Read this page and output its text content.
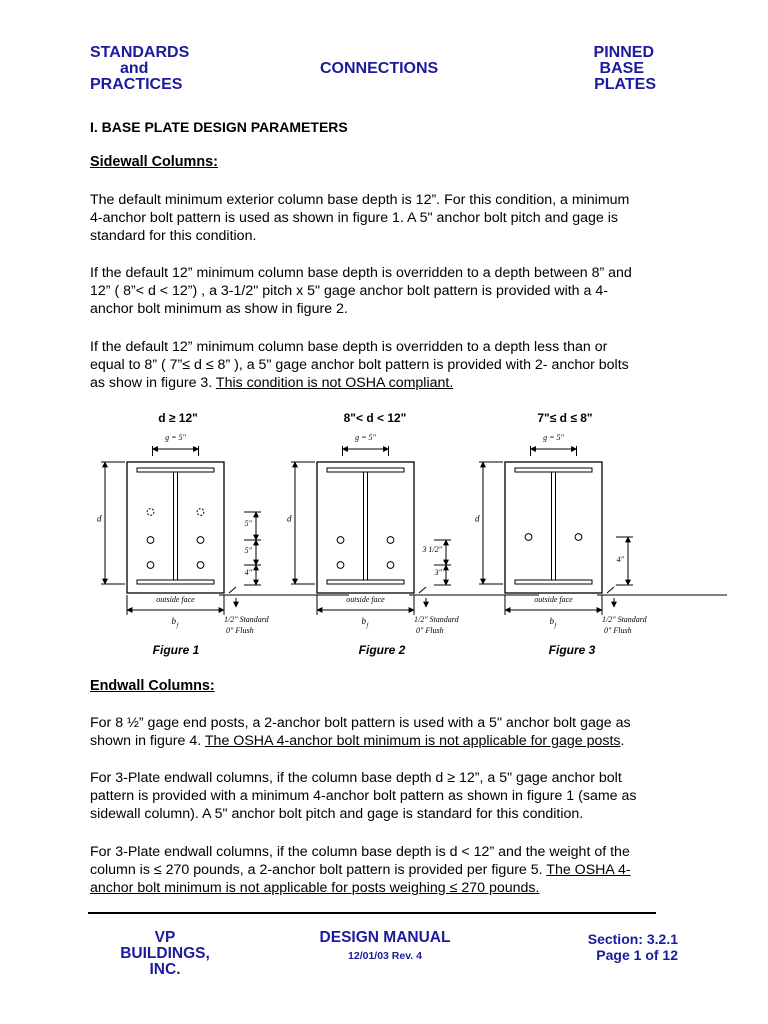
STANDARDS
and
PRACTICES
CONNECTIONS
PINNED
BASE
PLATES
I. BASE PLATE DESIGN PARAMETERS
Sidewall Columns:
The default minimum exterior column base depth is 12”. For this condition, a minimum
4-anchor bolt pattern is used as shown in figure 1. A 5" anchor bolt pitch and gage is
standard for this condition.
If the default 12” minimum column base depth is overridden to a depth between 8” and
12” ( 8”< d < 12”) , a 3-1/2" pitch x 5" gage anchor bolt pattern is provided with a 4-
anchor bolt minimum as show in figure 2.
If the default 12” minimum column base depth is overridden to a depth less than or
equal to 8” ( 7”≤ d ≤ 8” ), a 5" gage anchor bolt pattern is provided with 2- anchor bolts
as show in figure 3. This condition is not OSHA compliant.
d ≥ 12"
g = 5"
d	5"
5"
4"
outside face
b f
1/2" Standard
0" Flush
Figure 1
8"< d < 12"
g = 5"
d
3 1/2"
3"
outside face
b f
1/2" Standard
0" Flush
Figure 2
7"≤ d ≤ 8"
g = 5"
d
4"
outside face
b f
1/2" Standard
0" Flush
Figure 3
Endwall Columns:
For 8 ½” gage end posts, a 2-anchor bolt pattern is used with a 5" anchor bolt gage as
shown in figure 4. The OSHA 4-anchor bolt minimum is not applicable for gage posts.
For 3-Plate endwall columns, if the column base depth d ≥ 12”, a 5" gage anchor bolt
pattern is provided with a minimum 4-anchor bolt pattern as shown in figure 1 (same as
sidewall column). A 5" anchor bolt pitch and gage is standard for this condition.
For 3-Plate endwall columns, if the column base depth is d < 12” and the weight of the
column is ≤ 270 pounds, a 2-anchor bolt pattern is provided per figure 5. The OSHA 4-
anchor bolt minimum is not applicable for posts weighing ≤ 270 pounds.
VP
BUILDINGS,
INC.
DESIGN MANUAL
12/01/03 Rev. 4
Section: 3.2.1
Page 1 of 12
